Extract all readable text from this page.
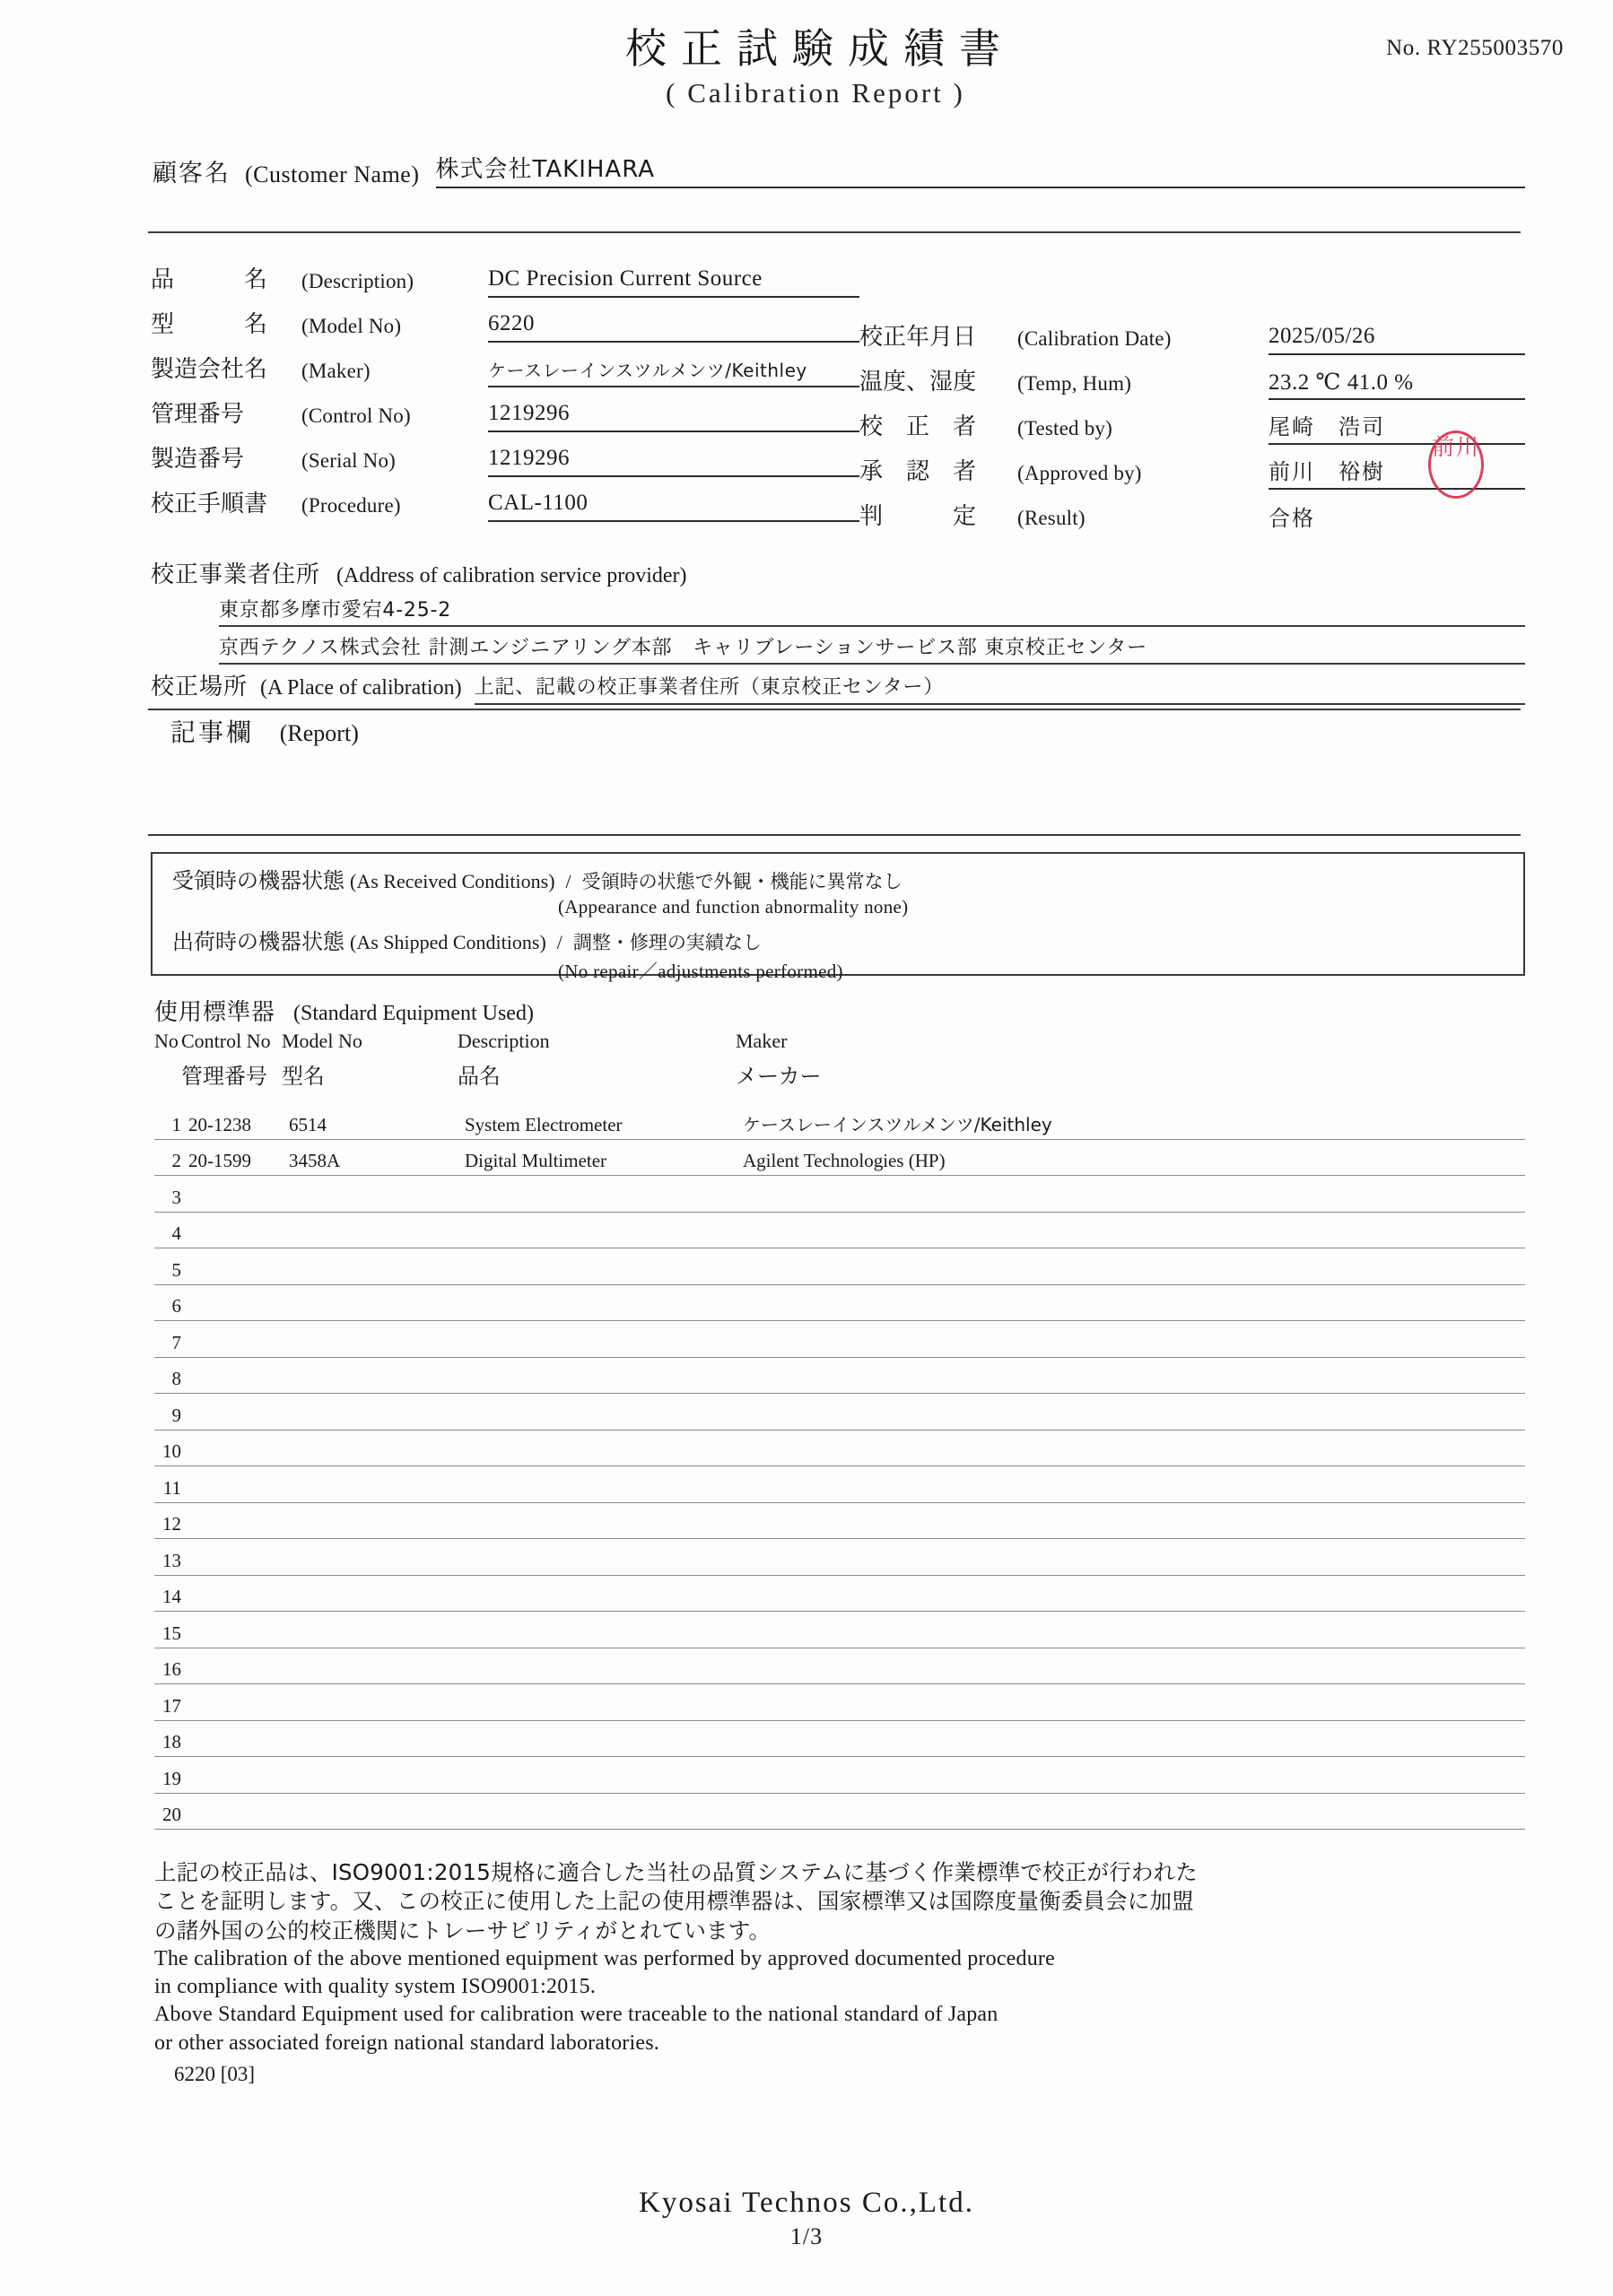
校正試験成績書
( Calibration Report )
No. RY255003570
顧客名 (Customer Name) 株式会社TAKIHARA
品　　　名	(Description)	DC Precision Current Source
型　　　名	(Model No)	6220
製造会社名	(Maker)	ケースレーインスツルメンツ/Keithley
管理番号	(Control No)	1219296
製造番号	(Serial No)	1219296
校正手順書	(Procedure)	CAL-1100
校正年月日	(Calibration Date)	2025/05/26
温度、湿度	(Temp, Hum)	23.2 ℃ 41.0 %
校　正　者	(Tested by)	尾崎　浩司
承　認　者	(Approved by)	前川　裕樹
前川
判　　　定	(Result)	合格
校正事業者住所 (Address of calibration service provider)
東京都多摩市愛宕4-25-2
京西テクノス株式会社 計測エンジニアリング本部　キャリブレーションサービス部 東京校正センター
校正場所 (A Place of calibration) 上記、記載の校正事業者住所（東京校正センター）
記事欄 (Report)
受領時の機器状態 (As Received Conditions) / 受領時の状態で外観・機能に異常なし
(Appearance and function abnormality none)
出荷時の機器状態 (As Shipped Conditions) / 調整・修理の実績なし
(No repair／adjustments performed)
使用標準器 (Standard Equipment Used)
No Control No Model No	Description	Maker
管理番号 型名	品名	メーカー
1 20-1238	6514	System Electrometer	ケースレーインスツルメンツ/Keithley
2 20-1599	3458A	Digital Multimeter	Agilent Technologies (HP)
3
4
5
6
7
8
9
10
11
12
13
14
15
16
17
18
19
20
上記の校正品は、ISO9001:2015規格に適合した当社の品質システムに基づく作業標準で校正が行われた
ことを証明します。又、この校正に使用した上記の使用標準器は、国家標準又は国際度量衡委員会に加盟
の諸外国の公的校正機関にトレーサビリティがとれています。
The calibration of the above mentioned equipment was performed by approved documented procedure
in compliance with quality system ISO9001:2015.
Above Standard Equipment used for calibration were traceable to the national standard of Japan
or other associated foreign national standard laboratories.
6220 [03]
Kyosai Technos Co.,Ltd.
1/3
